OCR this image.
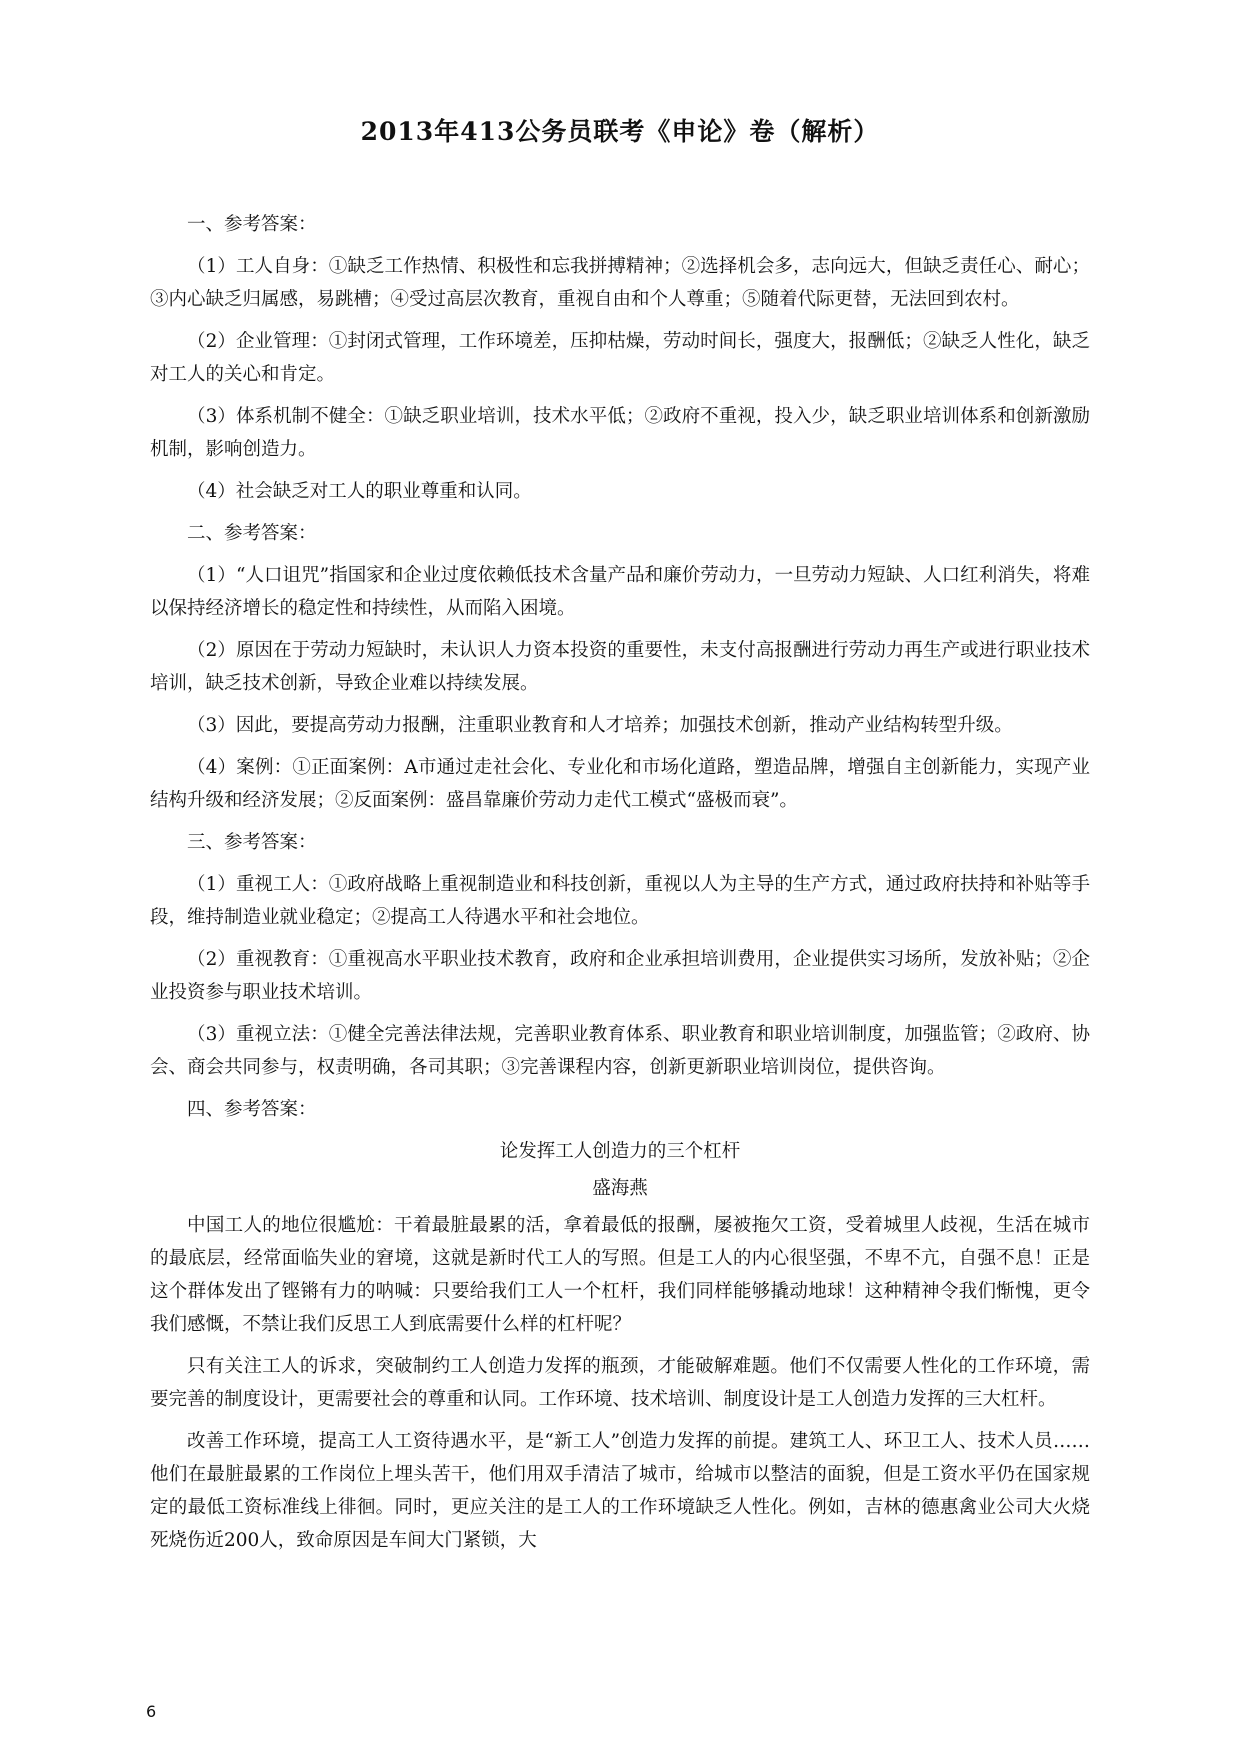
2013年413公务员联考《申论》卷（解析）

一、参考答案：

（1）工人自身：①缺乏工作热情、积极性和忘我拼搏精神；②选择机会多，志向远大，但缺乏责任心、耐心；③内心缺乏归属感，易跳槽；④受过高层次教育，重视自由和个人尊重；⑤随着代际更替，无法回到农村。

（2）企业管理：①封闭式管理，工作环境差，压抑枯燥，劳动时间长，强度大，报酬低；②缺乏人性化，缺乏对工人的关心和肯定。

（3）体系机制不健全：①缺乏职业培训，技术水平低；②政府不重视，投入少，缺乏职业培训体系和创新激励机制，影响创造力。

（4）社会缺乏对工人的职业尊重和认同。

二、参考答案：

（1）“人口诅咒”指国家和企业过度依赖低技术含量产品和廉价劳动力，一旦劳动力短缺、人口红利消失，将难以保持经济增长的稳定性和持续性，从而陷入困境。

（2）原因在于劳动力短缺时，未认识人力资本投资的重要性，未支付高报酬进行劳动力再生产或进行职业技术培训，缺乏技术创新，导致企业难以持续发展。

（3）因此，要提高劳动力报酬，注重职业教育和人才培养；加强技术创新，推动产业结构转型升级。

（4）案例：①正面案例：A市通过走社会化、专业化和市场化道路，塑造品牌，增强自主创新能力，实现产业结构升级和经济发展；②反面案例：盛昌靠廉价劳动力走代工模式“盛极而衰”。

三、参考答案：

（1）重视工人：①政府战略上重视制造业和科技创新，重视以人为主导的生产方式，通过政府扶持和补贴等手段，维持制造业就业稳定；②提高工人待遇水平和社会地位。

（2）重视教育：①重视高水平职业技术教育，政府和企业承担培训费用，企业提供实习场所，发放补贴；②企业投资参与职业技术培训。

（3）重视立法：①健全完善法律法规，完善职业教育体系、职业教育和职业培训制度，加强监管；②政府、协会、商会共同参与，权责明确，各司其职；③完善课程内容，创新更新职业培训岗位，提供咨询。

四、参考答案：

论发挥工人创造力的三个杠杆

盛海燕

中国工人的地位很尴尬：干着最脏最累的活，拿着最低的报酬，屡被拖欠工资，受着城里人歧视，生活在城市的最底层，经常面临失业的窘境，这就是新时代工人的写照。但是工人的内心很坚强，不卑不亢，自强不息！正是这个群体发出了铿锵有力的呐喊：只要给我们工人一个杠杆，我们同样能够撬动地球！这种精神令我们惭愧，更令我们感慨，不禁让我们反思工人到底需要什么样的杠杆呢？

只有关注工人的诉求，突破制约工人创造力发挥的瓶颈，才能破解难题。他们不仅需要人性化的工作环境，需要完善的制度设计，更需要社会的尊重和认同。工作环境、技术培训、制度设计是工人创造力发挥的三大杠杆。

改善工作环境，提高工人工资待遇水平，是“新工人”创造力发挥的前提。建筑工人、环卫工人、技术人员……他们在最脏最累的工作岗位上埋头苦干，他们用双手清洁了城市，给城市以整洁的面貌，但是工资水平仍在国家规定的最低工资标准线上徘徊。同时，更应关注的是工人的工作环境缺乏人性化。例如，吉林的德惠禽业公司大火烧死烧伤近200人，致命原因是车间大门紧锁，大

6
